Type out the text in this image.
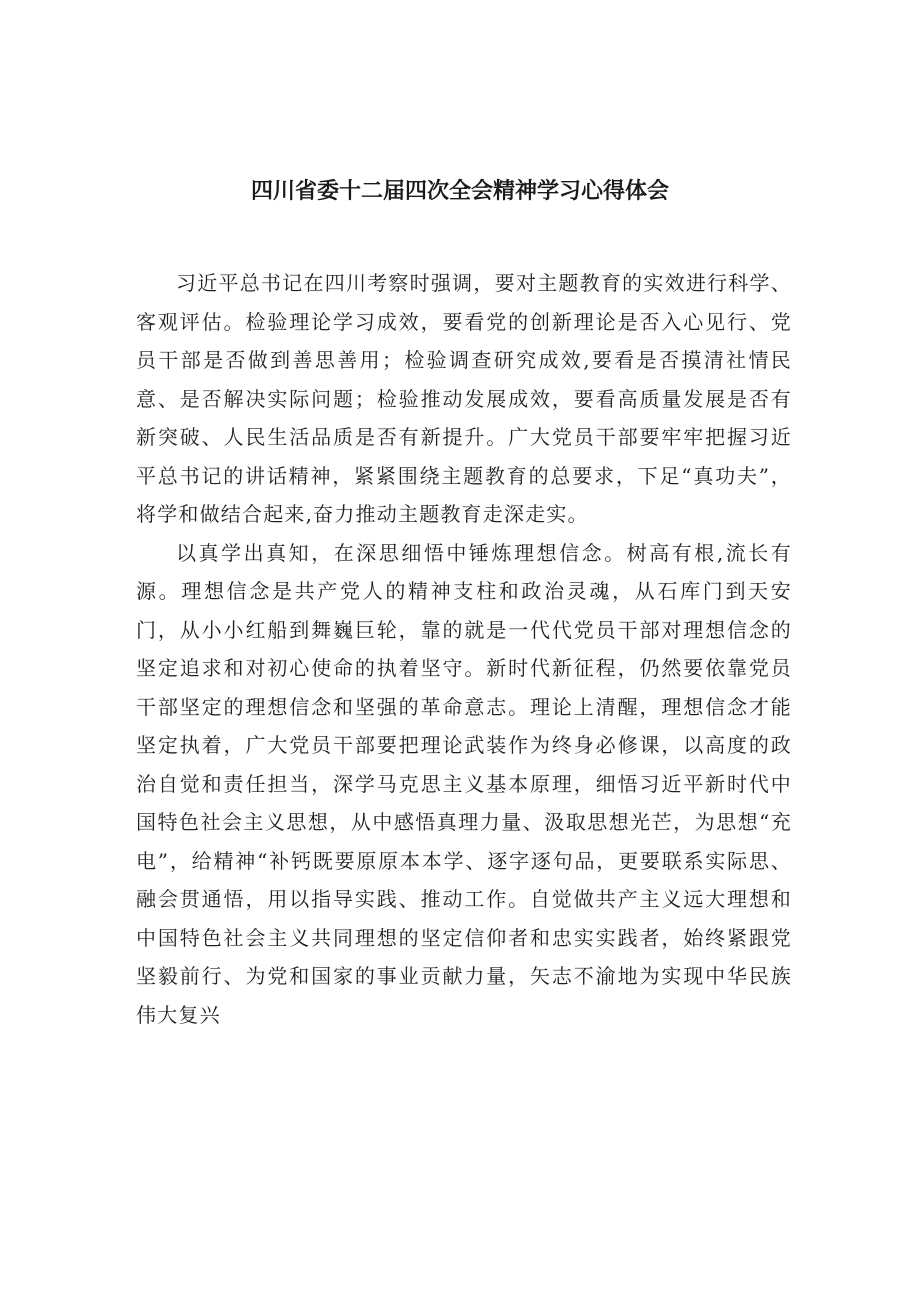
四川省委十二届四次全会精神学习心得体会

习近平总书记在四川考察时强调，要对主题教育的实效进行科学、客观评估。检验理论学习成效，要看党的创新理论是否入心见行、党员干部是否做到善思善用；检验调查研究成效,要看是否摸清社情民意、是否解决实际问题；检验推动发展成效，要看高质量发展是否有新突破、人民生活品质是否有新提升。广大党员干部要牢牢把握习近平总书记的讲话精神，紧紧围绕主题教育的总要求，下足“真功夫”，将学和做结合起来,奋力推动主题教育走深走实。

以真学出真知，在深思细悟中锤炼理想信念。树高有根,流长有源。理想信念是共产党人的精神支柱和政治灵魂，从石库门到天安门，从小小红船到舞巍巨轮，靠的就是一代代党员干部对理想信念的坚定追求和对初心使命的执着坚守。新时代新征程，仍然要依靠党员干部坚定的理想信念和坚强的革命意志。理论上清醒，理想信念才能坚定执着，广大党员干部要把理论武装作为终身必修课，以高度的政治自觉和责任担当，深学马克思主义基本原理，细悟习近平新时代中国特色社会主义思想，从中感悟真理力量、汲取思想光芒，为思想“充电”，给精神“补钙既要原原本本学、逐字逐句品，更要联系实际思、融会贯通悟，用以指导实践、推动工作。自觉做共产主义远大理想和中国特色社会主义共同理想的坚定信仰者和忠实实践者，始终紧跟党坚毅前行、为党和国家的事业贡献力量，矢志不渝地为实现中华民族伟大复兴
